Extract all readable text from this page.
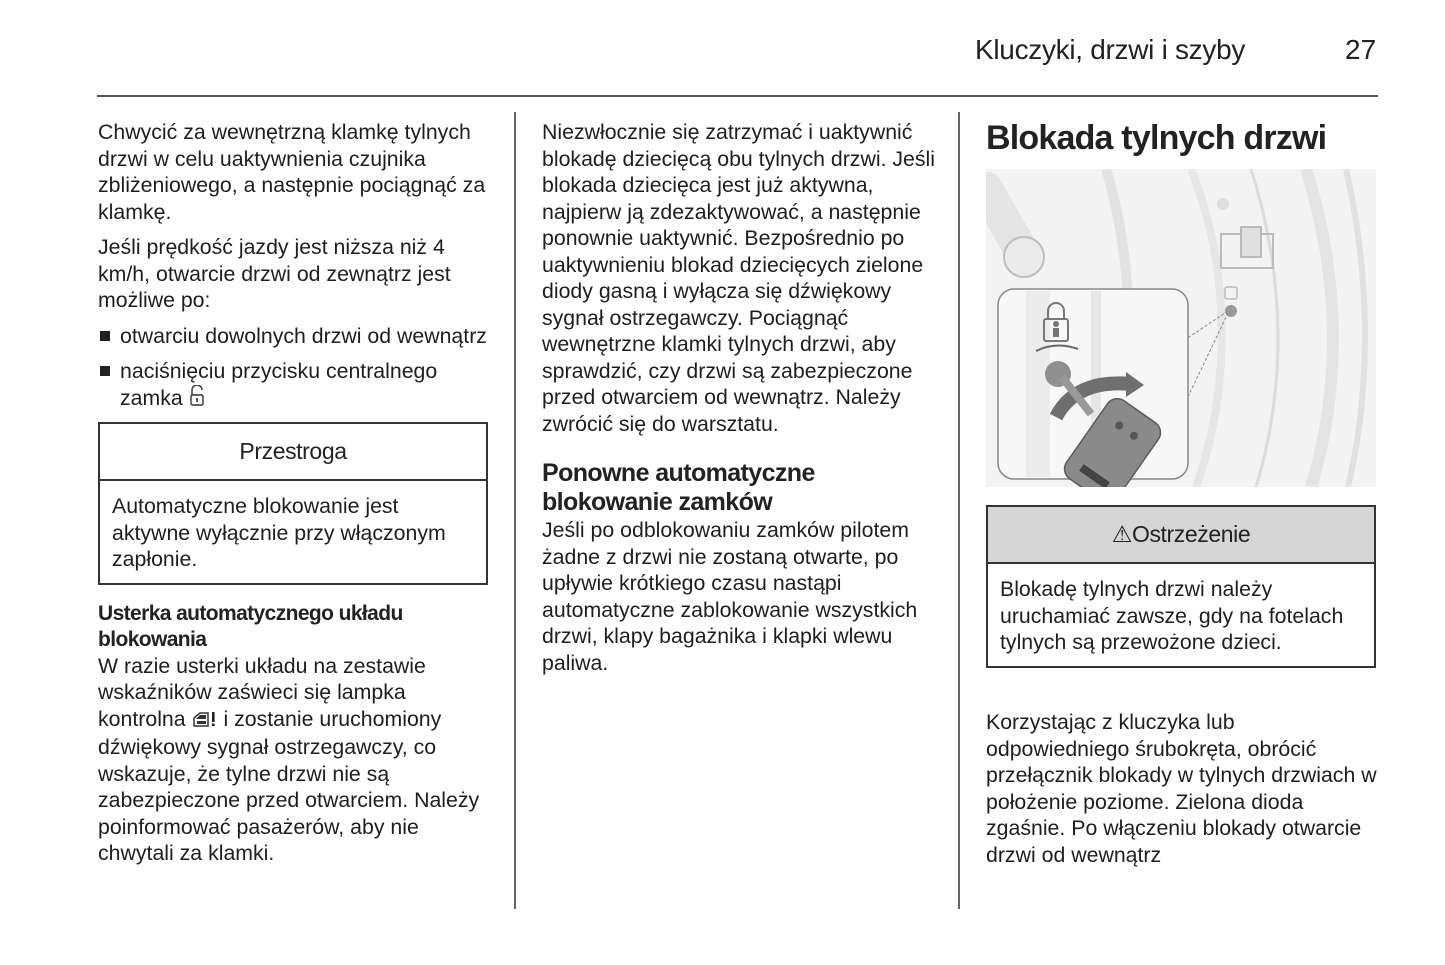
Kluczyki, drzwi i szyby	27

Chwycić za wewnętrzną klamkę tylnych drzwi w celu uaktywnienia czujnika zbliżeniowego, a następnie pociągnąć za klamkę.

Jeśli prędkość jazdy jest niższa niż 4 km/h, otwarcie drzwi od zewnątrz jest możliwe po:

otwarciu dowolnych drzwi od wewnątrz
naciśnięciu przycisku centralnego zamka
Przestroga
Automatyczne blokowanie jest aktywne wyłącznie przy włączonym zapłonie.
Usterka automatycznego układu blokowania

W razie usterki układu na zestawie wskaźników zaświeci się lampka kontrolna  i zostanie uruchomiony dźwiękowy sygnał ostrzegawczy, co wskazuje, że tylne drzwi nie są zabezpieczone przed otwarciem. Należy poinformować pasażerów, aby nie chwytali za klamki.

Niezwłocznie się zatrzymać i uaktywnić blokadę dziecięcą obu tylnych drzwi. Jeśli blokada dziecięca jest już aktywna, najpierw ją zdezaktywować, a następnie ponownie uaktywnić. Bezpośrednio po uaktywnieniu blokad dziecięcych zielone diody gasną i wyłącza się dźwiękowy sygnał ostrzegawczy. Pociągnąć wewnętrzne klamki tylnych drzwi, aby sprawdzić, czy drzwi są zabezpieczone przed otwarciem od wewnątrz. Należy zwrócić się do warsztatu.

Ponowne automatyczne blokowanie zamków

Jeśli po odblokowaniu zamków pilotem żadne z drzwi nie zostaną otwarte, po upływie krótkiego czasu nastąpi automatyczne zablokowanie wszystkich drzwi, klapy bagażnika i klapki wlewu paliwa.

Blokada tylnych drzwi
⚠Ostrzeżenie
Blokadę tylnych drzwi należy uruchamiać zawsze, gdy na fotelach tylnych są przewożone dzieci.

Korzystając z kluczyka lub odpowiedniego śrubokręta, obrócić przełącznik blokady w tylnych drzwiach w położenie poziome. Zielona dioda zgaśnie. Po włączeniu blokady otwarcie drzwi od wewnątrz
